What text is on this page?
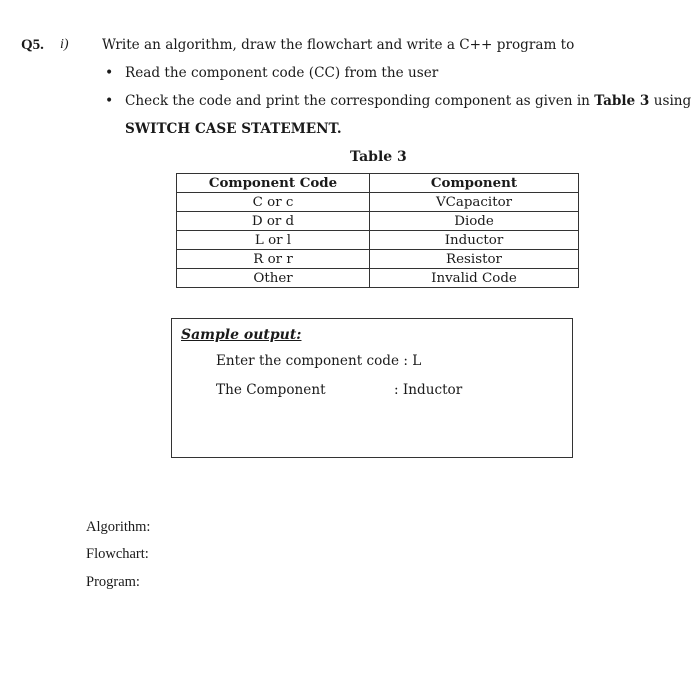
Q5. i) Write an algorithm, draw the flowchart and write a C++ program to
• Read the component code (CC) from the user
• Check the code and print the corresponding component as given in Table 3 using
SWITCH CASE STATEMENT.
Table 3
Component Code	Component
C or c	VCapacitor
D or d	Diode
L or l	Inductor
R or r	Resistor
Other	Invalid Code
Sample output:
Enter the component code : L
The Component	: Inductor
Algorithm:
Flowchart:
Program:
